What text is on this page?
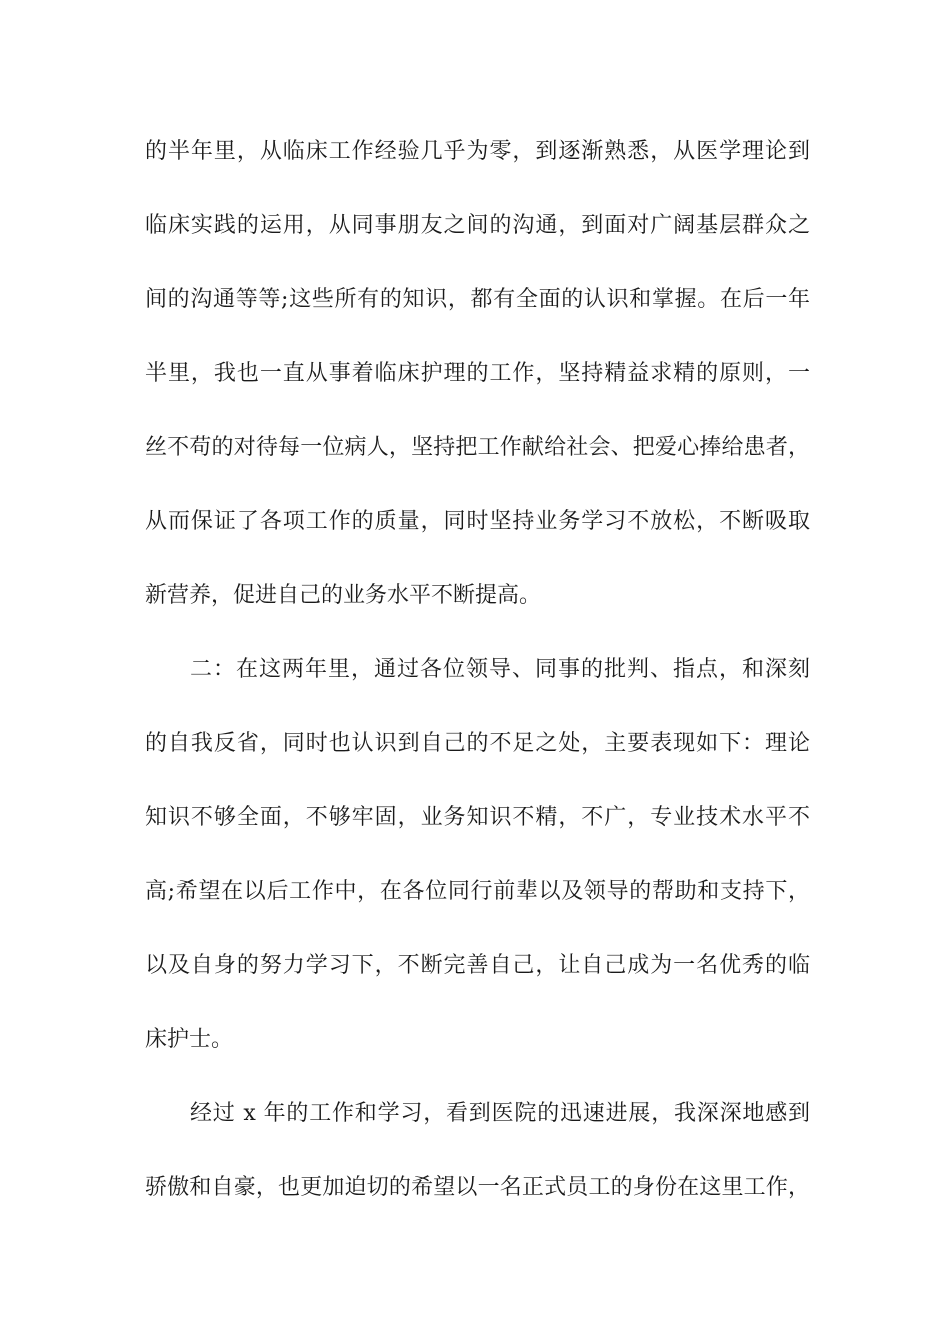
的半年里，从临床工作经验几乎为零，到逐渐熟悉，从医学理论到
临床实践的运用，从同事朋友之间的沟通，到面对广阔基层群众之
间的沟通等等;这些所有的知识，都有全面的认识和掌握。在后一年
半里，我也一直从事着临床护理的工作，坚持精益求精的原则，一
丝不苟的对待每一位病人，坚持把工作献给社会、把爱心捧给患者，
从而保证了各项工作的质量，同时坚持业务学习不放松，不断吸取
新营养，促进自己的业务水平不断提高。
二：在这两年里，通过各位领导、同事的批判、指点，和深刻
的自我反省，同时也认识到自己的不足之处，主要表现如下：理论
知识不够全面，不够牢固，业务知识不精，不广，专业技术水平不
高;希望在以后工作中，在各位同行前辈以及领导的帮助和支持下，
以及自身的努力学习下，不断完善自己，让自己成为一名优秀的临
床护士。
经过 x 年的工作和学习，看到医院的迅速进展，我深深地感到
骄傲和自豪，也更加迫切的希望以一名正式员工的身份在这里工作，
